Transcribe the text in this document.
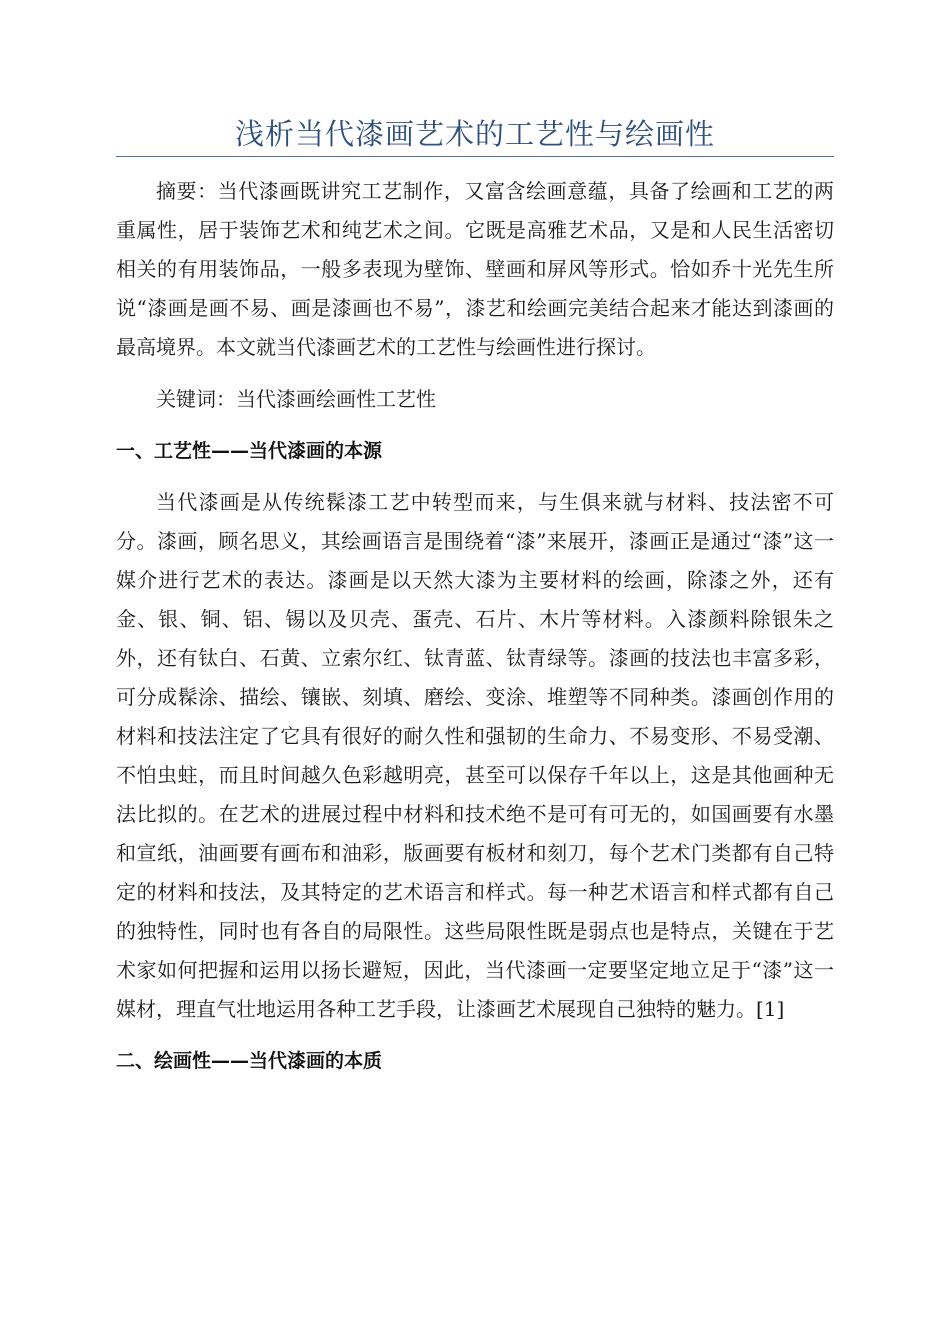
浅析当代漆画艺术的工艺性与绘画性

摘要：当代漆画既讲究工艺制作，又富含绘画意蕴，具备了绘画和工艺的两重属性，居于装饰艺术和纯艺术之间。它既是高雅艺术品，又是和人民生活密切相关的有用装饰品，一般多表现为壁饰、壁画和屏风等形式。恰如乔十光先生所说“漆画是画不易、画是漆画也不易”，漆艺和绘画完美结合起来才能达到漆画的最高境界。本文就当代漆画艺术的工艺性与绘画性进行探讨。

关键词：当代漆画绘画性工艺性

一、工艺性——当代漆画的本源

当代漆画是从传统髹漆工艺中转型而来，与生俱来就与材料、技法密不可分。漆画，顾名思义，其绘画语言是围绕着“漆”来展开，漆画正是通过“漆”这一媒介进行艺术的表达。漆画是以天然大漆为主要材料的绘画，除漆之外，还有金、银、铜、铝、锡以及贝壳、蛋壳、石片、木片等材料。入漆颜料除银朱之外，还有钛白、石黄、立索尔红、钛青蓝、钛青绿等。漆画的技法也丰富多彩，可分成髹涂、描绘、镶嵌、刻填、磨绘、变涂、堆塑等不同种类。漆画创作用的材料和技法注定了它具有很好的耐久性和强韧的生命力、不易变形、不易受潮、不怕虫蛀，而且时间越久色彩越明亮，甚至可以保存千年以上，这是其他画种无法比拟的。在艺术的进展过程中材料和技术绝不是可有可无的，如国画要有水墨和宣纸，油画要有画布和油彩，版画要有板材和刻刀，每个艺术门类都有自己特定的材料和技法，及其特定的艺术语言和样式。每一种艺术语言和样式都有自己的独特性，同时也有各自的局限性。这些局限性既是弱点也是特点，关键在于艺术家如何把握和运用以扬长避短，因此，当代漆画一定要坚定地立足于“漆”这一媒材，理直气壮地运用各种工艺手段，让漆画艺术展现自己独特的魅力。[1]

二、绘画性——当代漆画的本质
